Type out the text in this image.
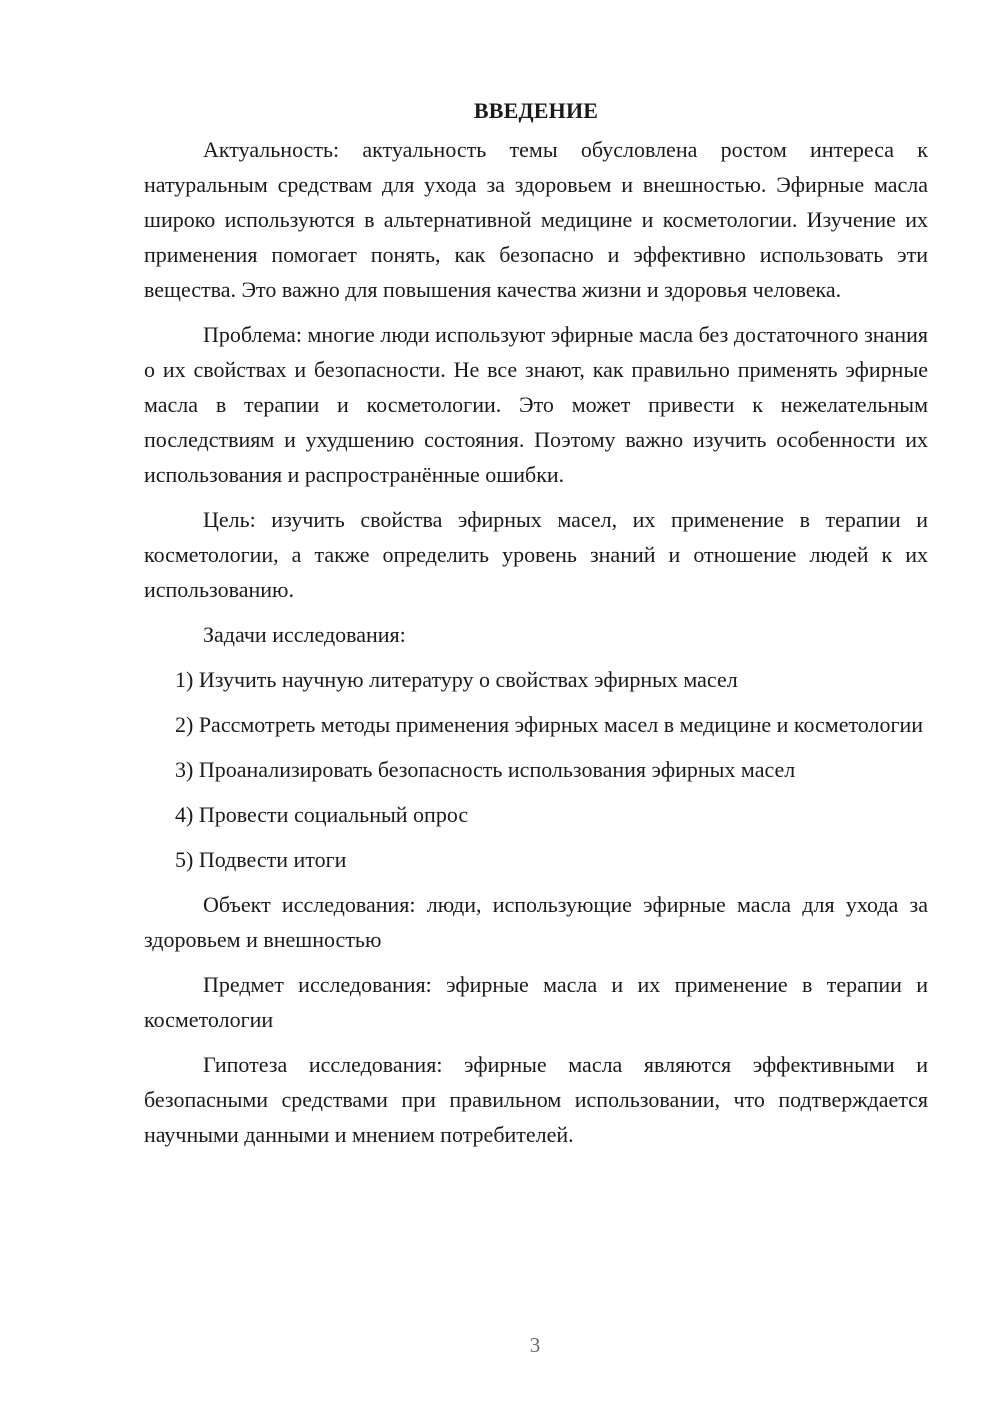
ВВЕДЕНИЕ

Актуальность: актуальность темы обусловлена ростом интереса к натуральным средствам для ухода за здоровьем и внешностью. Эфирные масла широко используются в альтернативной медицине и косметологии. Изучение их применения помогает понять, как безопасно и эффективно использовать эти вещества. Это важно для повышения качества жизни и здоровья человека.

Проблема: многие люди используют эфирные масла без достаточного знания о их свойствах и безопасности. Не все знают, как правильно применять эфирные масла в терапии и косметологии. Это может привести к нежелательным последствиям и ухудшению состояния. Поэтому важно изучить особенности их использования и распространённые ошибки.

Цель: изучить свойства эфирных масел, их применение в терапии и косметологии, а также определить уровень знаний и отношение людей к их использованию.

Задачи исследования:

1) Изучить научную литературу о свойствах эфирных масел

2) Рассмотреть методы применения эфирных масел в медицине и косметологии

3) Проанализировать безопасность использования эфирных масел

4) Провести социальный опрос

5) Подвести итоги

Объект исследования: люди, использующие эфирные масла для ухода за здоровьем и внешностью

Предмет исследования: эфирные масла и их применение в терапии и косметологии

Гипотеза исследования: эфирные масла являются эффективными и безопасными средствами при правильном использовании, что подтверждается научными данными и мнением потребителей.

3
